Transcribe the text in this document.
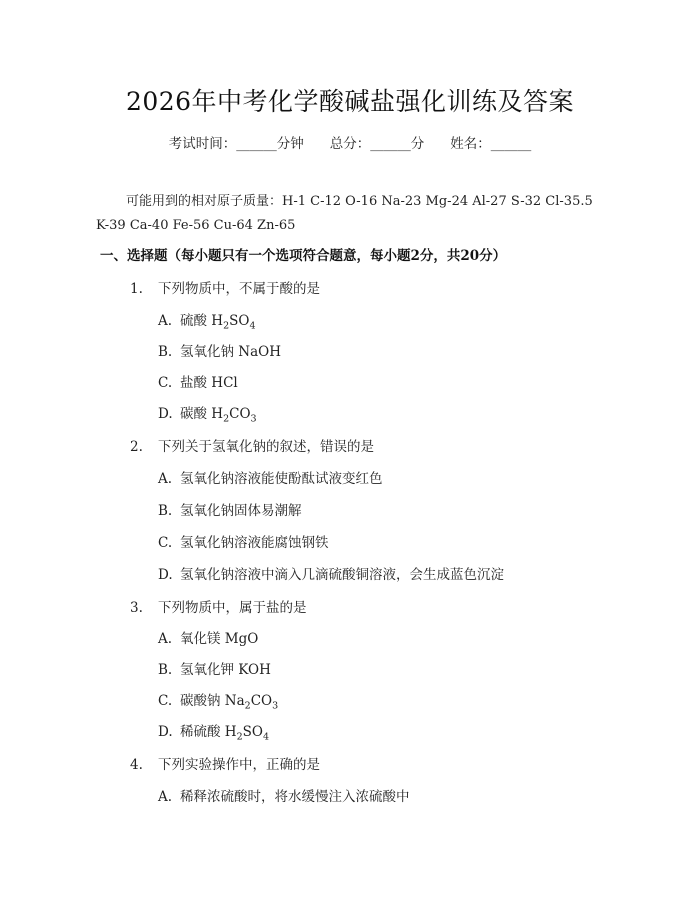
2026年中考化学酸碱盐强化训练及答案
考试时间：______分钟 总分：______分 姓名：______
可能用到的相对原子质量：H-1 C-12 O-16 Na-23 Mg-24 Al-27 S-32 Cl-35.5
K-39 Ca-40 Fe-56 Cu-64 Zn-65
一、选择题（每小题只有一个选项符合题意，每小题2分，共20分）
1. 下列物质中，不属于酸的是
A. 硫酸 $H_2SO_4$
B. 氢氧化钠 NaOH
C. 盐酸 HCl
D. 碳酸 $H_2CO_3$
2. 下列关于氢氧化钠的叙述，错误的是
A. 氢氧化钠溶液能使酚酞试液变红色
B. 氢氧化钠固体易潮解
C. 氢氧化钠溶液能腐蚀钢铁
D. 氢氧化钠溶液中滴入几滴硫酸铜溶液，会生成蓝色沉淀
3. 下列物质中，属于盐的是
A. 氧化镁 MgO
B. 氢氧化钾 KOH
C. 碳酸钠 $Na_2CO_3$
D. 稀硫酸 $H_2SO_4$
4. 下列实验操作中，正确的是
A. 稀释浓硫酸时，将水缓慢注入浓硫酸中
